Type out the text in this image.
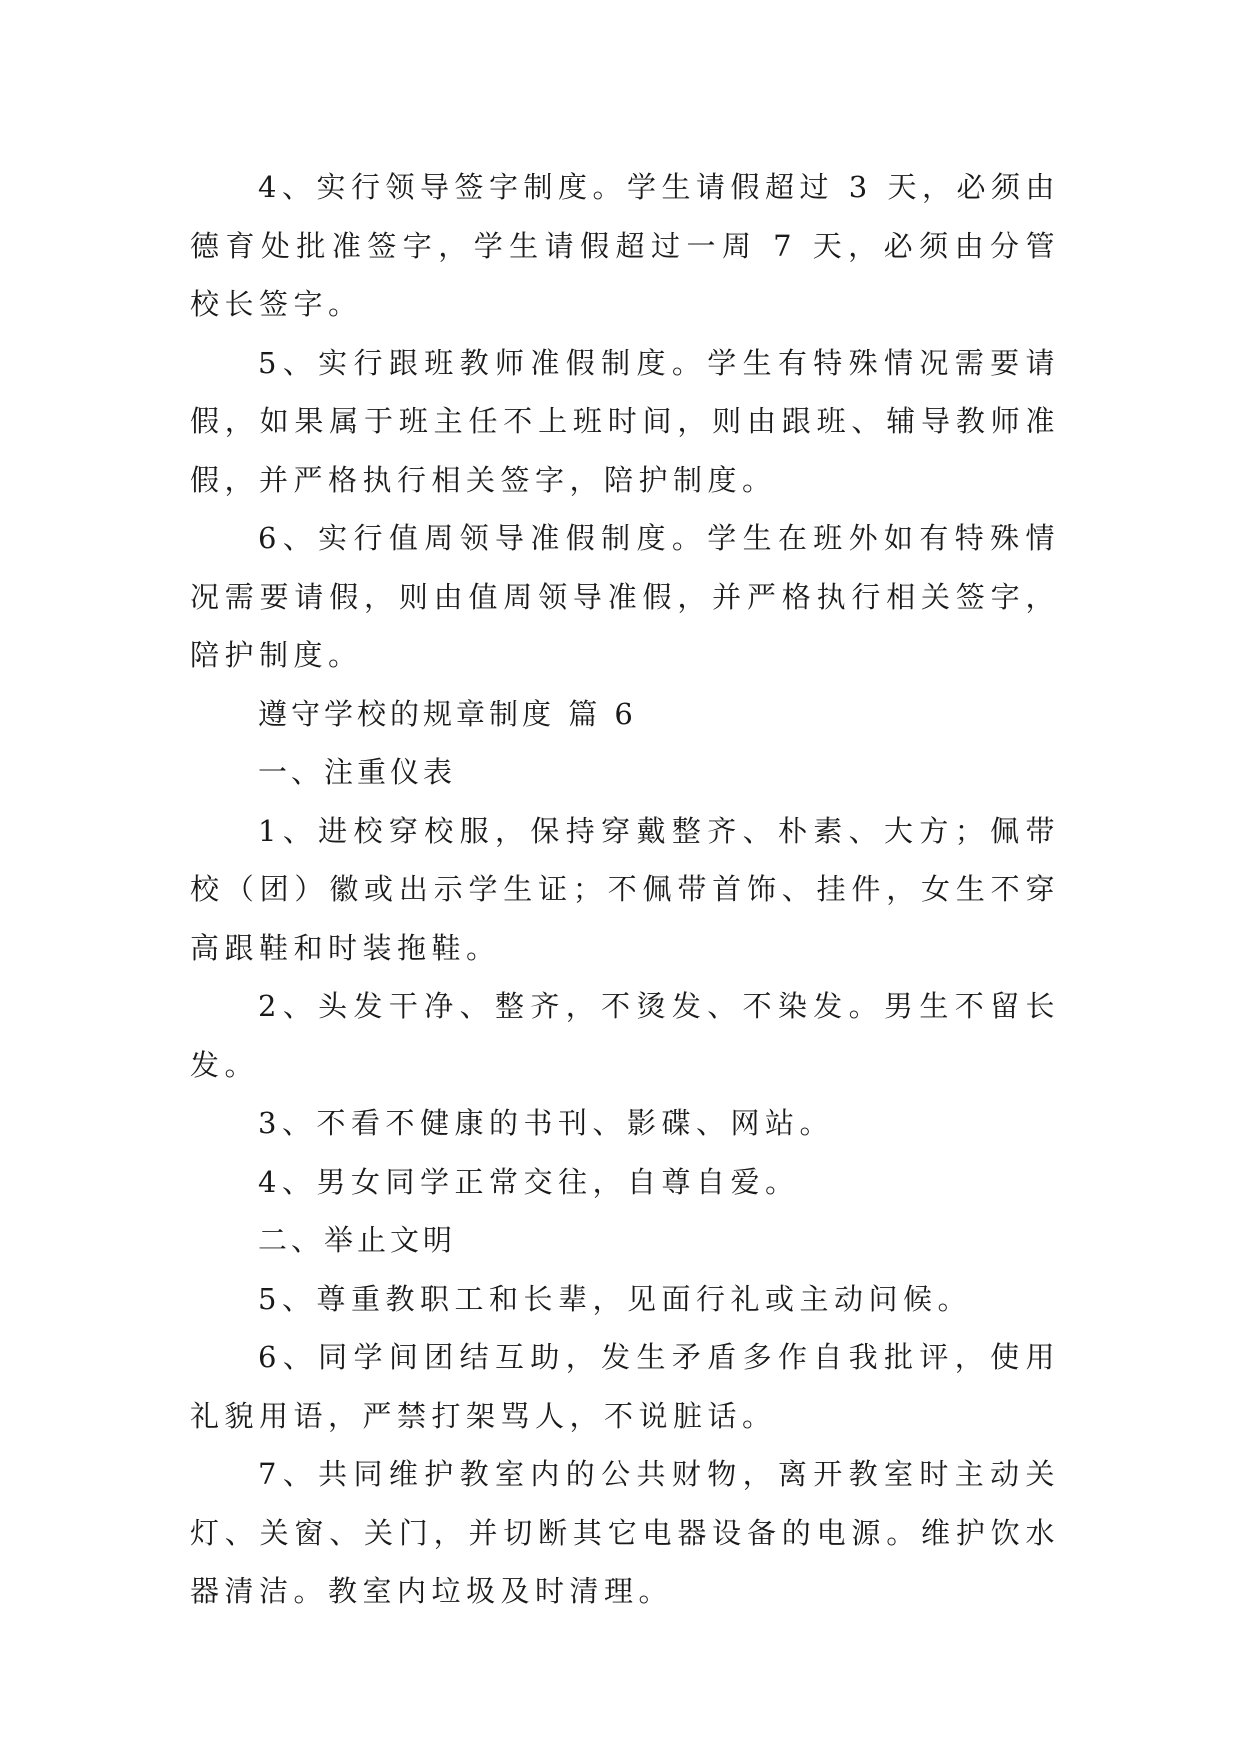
4、实行领导签字制度。学生请假超过 3 天，必须由德育处批准签字，学生请假超过一周 7 天，必须由分管校长签字。

5、实行跟班教师准假制度。学生有特殊情况需要请假，如果属于班主任不上班时间，则由跟班、辅导教师准假，并严格执行相关签字，陪护制度。

6、实行值周领导准假制度。学生在班外如有特殊情况需要请假，则由值周领导准假，并严格执行相关签字，陪护制度。

遵守学校的规章制度 篇 6

一、注重仪表

1、进校穿校服，保持穿戴整齐、朴素、大方；佩带校（团）徽或出示学生证；不佩带首饰、挂件，女生不穿高跟鞋和时装拖鞋。

2、头发干净、整齐，不烫发、不染发。男生不留长发。

3、不看不健康的书刊、影碟、网站。

4、男女同学正常交往，自尊自爱。

二、举止文明

5、尊重教职工和长辈，见面行礼或主动问候。

6、同学间团结互助，发生矛盾多作自我批评，使用礼貌用语，严禁打架骂人，不说脏话。

7、共同维护教室内的公共财物，离开教室时主动关灯、关窗、关门，并切断其它电器设备的电源。维护饮水器清洁。教室内垃圾及时清理。
